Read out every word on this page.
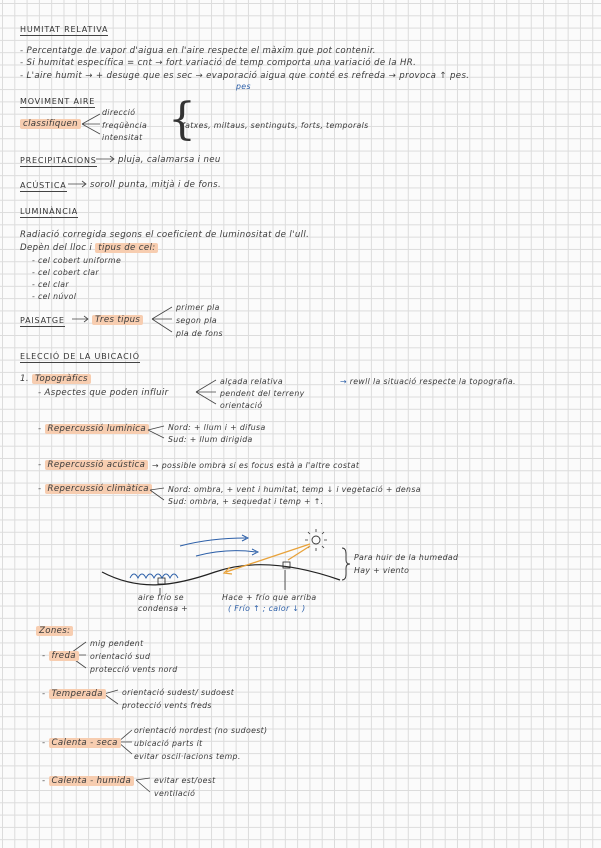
HUMITAT RELATIVA
- Percentatge de vapor d'aigua en l'aire respecte el màxim que pot contenir.
- Si humitat específica = cnt → fort variació de temp comporta una variació de la HR.
- L'aire humit → + desuge que es sec → evaporació aigua que conté es refreda → provoca ↑ pes.
pes
MOVIMENT AIRE
classifiquen
direcció
freqüència
intensitat {
fatxes, miltaus, sentinguts, forts, temporals
PRECIPITACIONS pluja, calamarsa i neu
ACÚSTICA	soroll punta, mitjà i de fons.
LUMINÀNCIA
Radiació corregida segons el coeficient de luminositat de l'ull.
Depèn del lloc i tipus de cel:
- cel cobert uniforme
- cel cobert clar
- cel clar
- cel núvol
PAISATGE	Tres tipus
primer pla
segon pla
pla de fons
ELECCIÓ DE LA UBICACIÓ
1. Topogràfics
- Aspectes que poden influir
alçada relativa
pendent del terreny
orientació
→ rewll la situació respecte la topografia.
- Repercussió lumínica	Nord: + llum i + difusa
Sud: + llum dirigida
- Repercussió acústica → possible ombra si es focus està a l'altre costat
- Repercussió climàtica	Nord: ombra, + vent i humitat, temp ↓ i vegetació + densa
Sud: ombra, + sequedat i temp + ↑.
Para huir de la humedad
Hay + viento
aire frío se
condensa +
Hace + frío que arriba
( Frío ↑ ; calor ↓ )
Zones:
- freda
mig pendent
orientació sud
protecció vents nord
- Temperada	orientació sudest/ sudoest
protecció vents freds
- Calenta - seca
orientació nordest (no sudoest)
ubicació parts it
evitar oscil·lacions temp.
- Calenta - humida	evitar est/oest
ventilació
